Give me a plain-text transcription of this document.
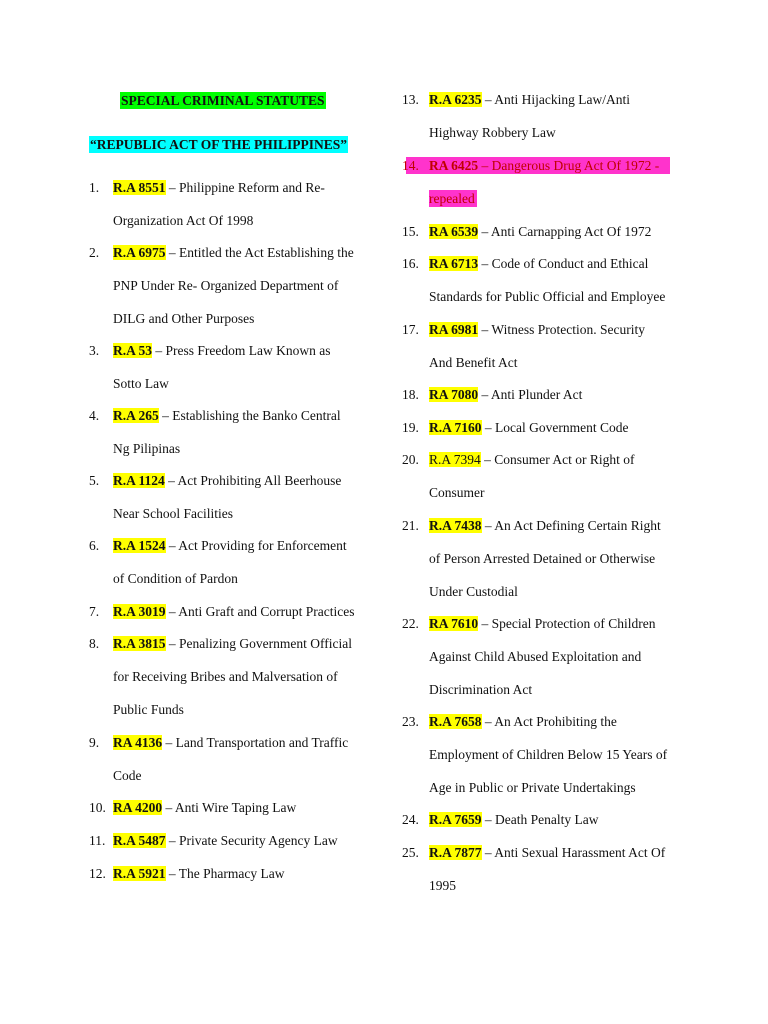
SPECIAL CRIMINAL STATUTES
“REPUBLIC ACT OF THE PHILIPPINES”
1. R.A 8551 – Philippine Reform and Re-
Organization Act Of 1998
2. R.A 6975 – Entitled the Act Establishing the
PNP Under Re- Organized Department of
DILG and Other Purposes
3. R.A 53 – Press Freedom Law Known as
Sotto Law
4. R.A 265 – Establishing the Banko Central
Ng Pilipinas
5. R.A 1124 – Act Prohibiting All Beerhouse
Near School Facilities
6. R.A 1524 – Act Providing for Enforcement
of Condition of Pardon
7. R.A 3019 – Anti Graft and Corrupt Practices
8. R.A 3815 – Penalizing Government Official
for Receiving Bribes and Malversation of
Public Funds
9. RA 4136 – Land Transportation and Traffic
Code
10. RA 4200 – Anti Wire Taping Law
11. R.A 5487 – Private Security Agency Law
12. R.A 5921 – The Pharmacy Law
13. R.A 6235 – Anti Hijacking Law/Anti
Highway Robbery Law
14. RA 6425 – Dangerous Drug Act Of 1972 -
repealed
15. RA 6539 – Anti Carnapping Act Of 1972
16. RA 6713 – Code of Conduct and Ethical
Standards for Public Official and Employee
17. RA 6981 – Witness Protection. Security
And Benefit Act
18. RA 7080 – Anti Plunder Act
19. R.A 7160 – Local Government Code
20. R.A 7394 – Consumer Act or Right of
Consumer
21. R.A 7438 – An Act Defining Certain Right
of Person Arrested Detained or Otherwise
Under Custodial
22. RA 7610 – Special Protection of Children
Against Child Abused Exploitation and
Discrimination Act
23. R.A 7658 – An Act Prohibiting the
Employment of Children Below 15 Years of
Age in Public or Private Undertakings
24. R.A 7659 – Death Penalty Law
25. R.A 7877 – Anti Sexual Harassment Act Of
1995
